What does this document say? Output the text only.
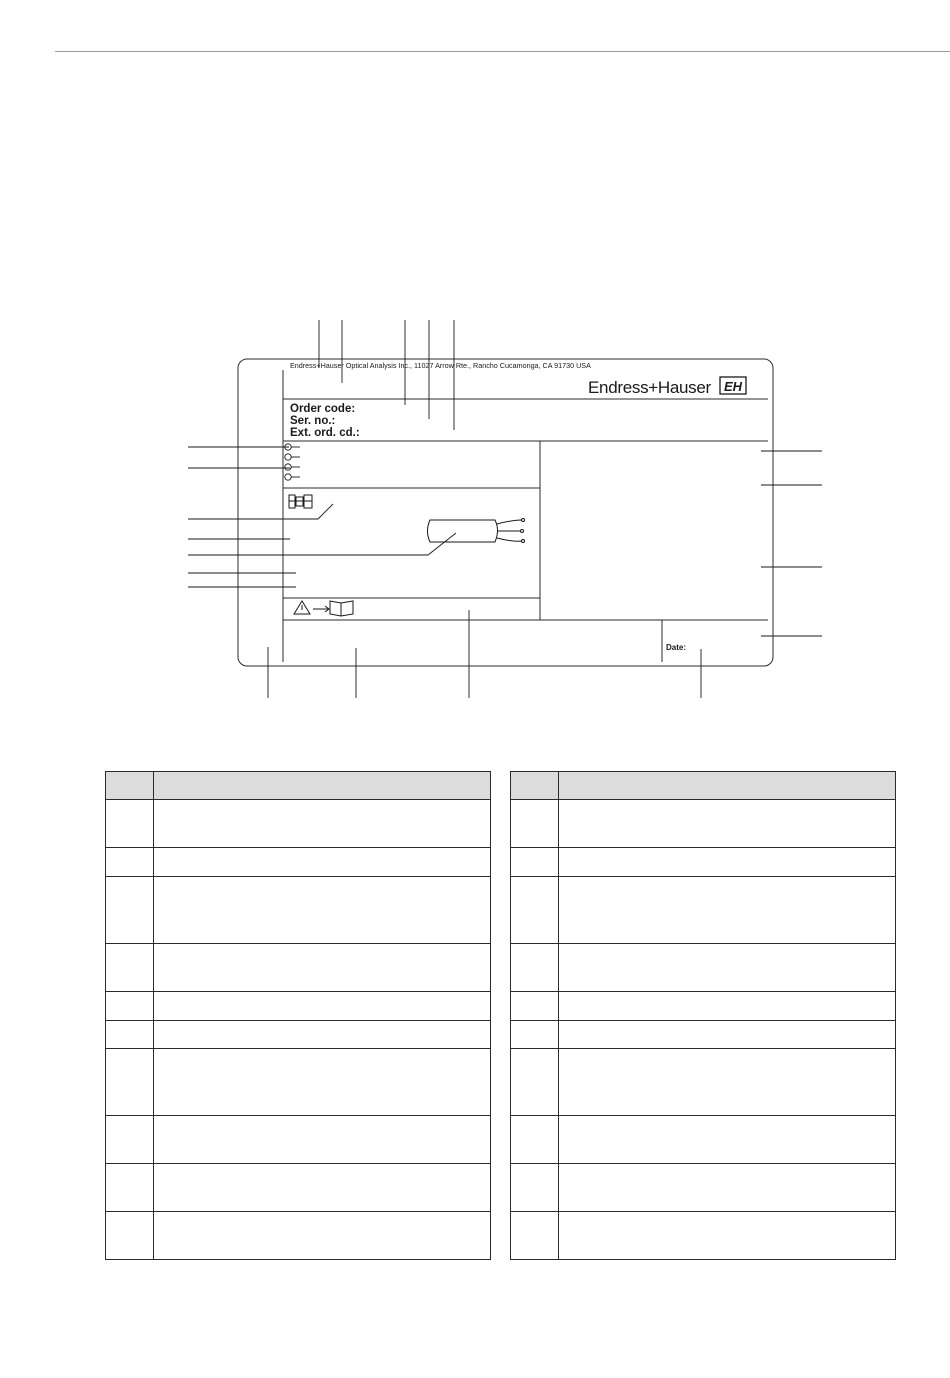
Endress+Hauser Optical Analysis Inc., 11027 Arrow Rte., Rancho Cucamonga, CA 91730 USA
Order code:
Ser. no.:
Ext. ord. cd.:
Date:
Endress+Hauser EH
